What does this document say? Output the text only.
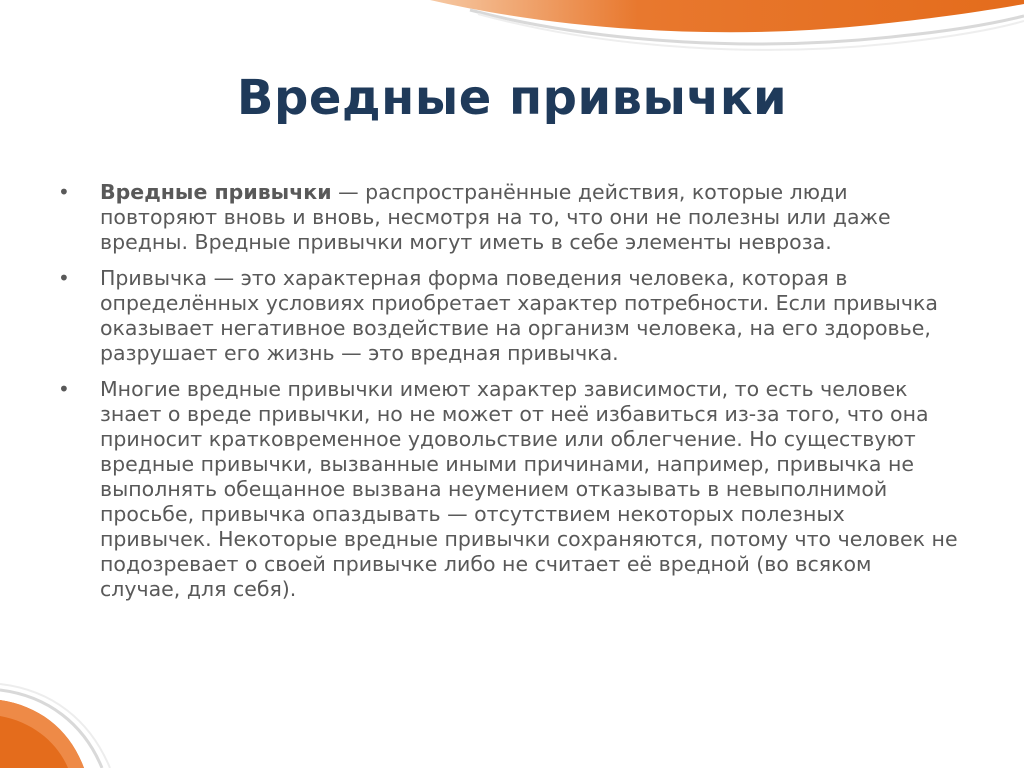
Вредные привычки
• Вредные привычки — распространённые действия, которые люди повторяют вновь и вновь, несмотря на то, что они не полезны или даже вредны. Вредные привычки могут иметь в себе элементы невроза.
• Привычка — это характерная форма поведения человека, которая в определённых условиях приобретает характер потребности. Если привычка оказывает негативное воздействие на организм человека, на его здоровье, разрушает его жизнь — это вредная привычка.
• Многие вредные привычки имеют характер зависимости, то есть человек знает о вреде привычки, но не может от неё избавиться из-за того, что она приносит кратковременное удовольствие или облегчение. Но существуют вредные привычки, вызванные иными причинами, например, привычка не выполнять обещанное вызвана неумением отказывать в невыполнимой просьбе, привычка опаздывать — отсутствием некоторых полезных привычек. Некоторые вредные привычки сохраняются, потому что человек не подозревает о своей привычке либо не считает её вредной (во всяком случае, для себя).
